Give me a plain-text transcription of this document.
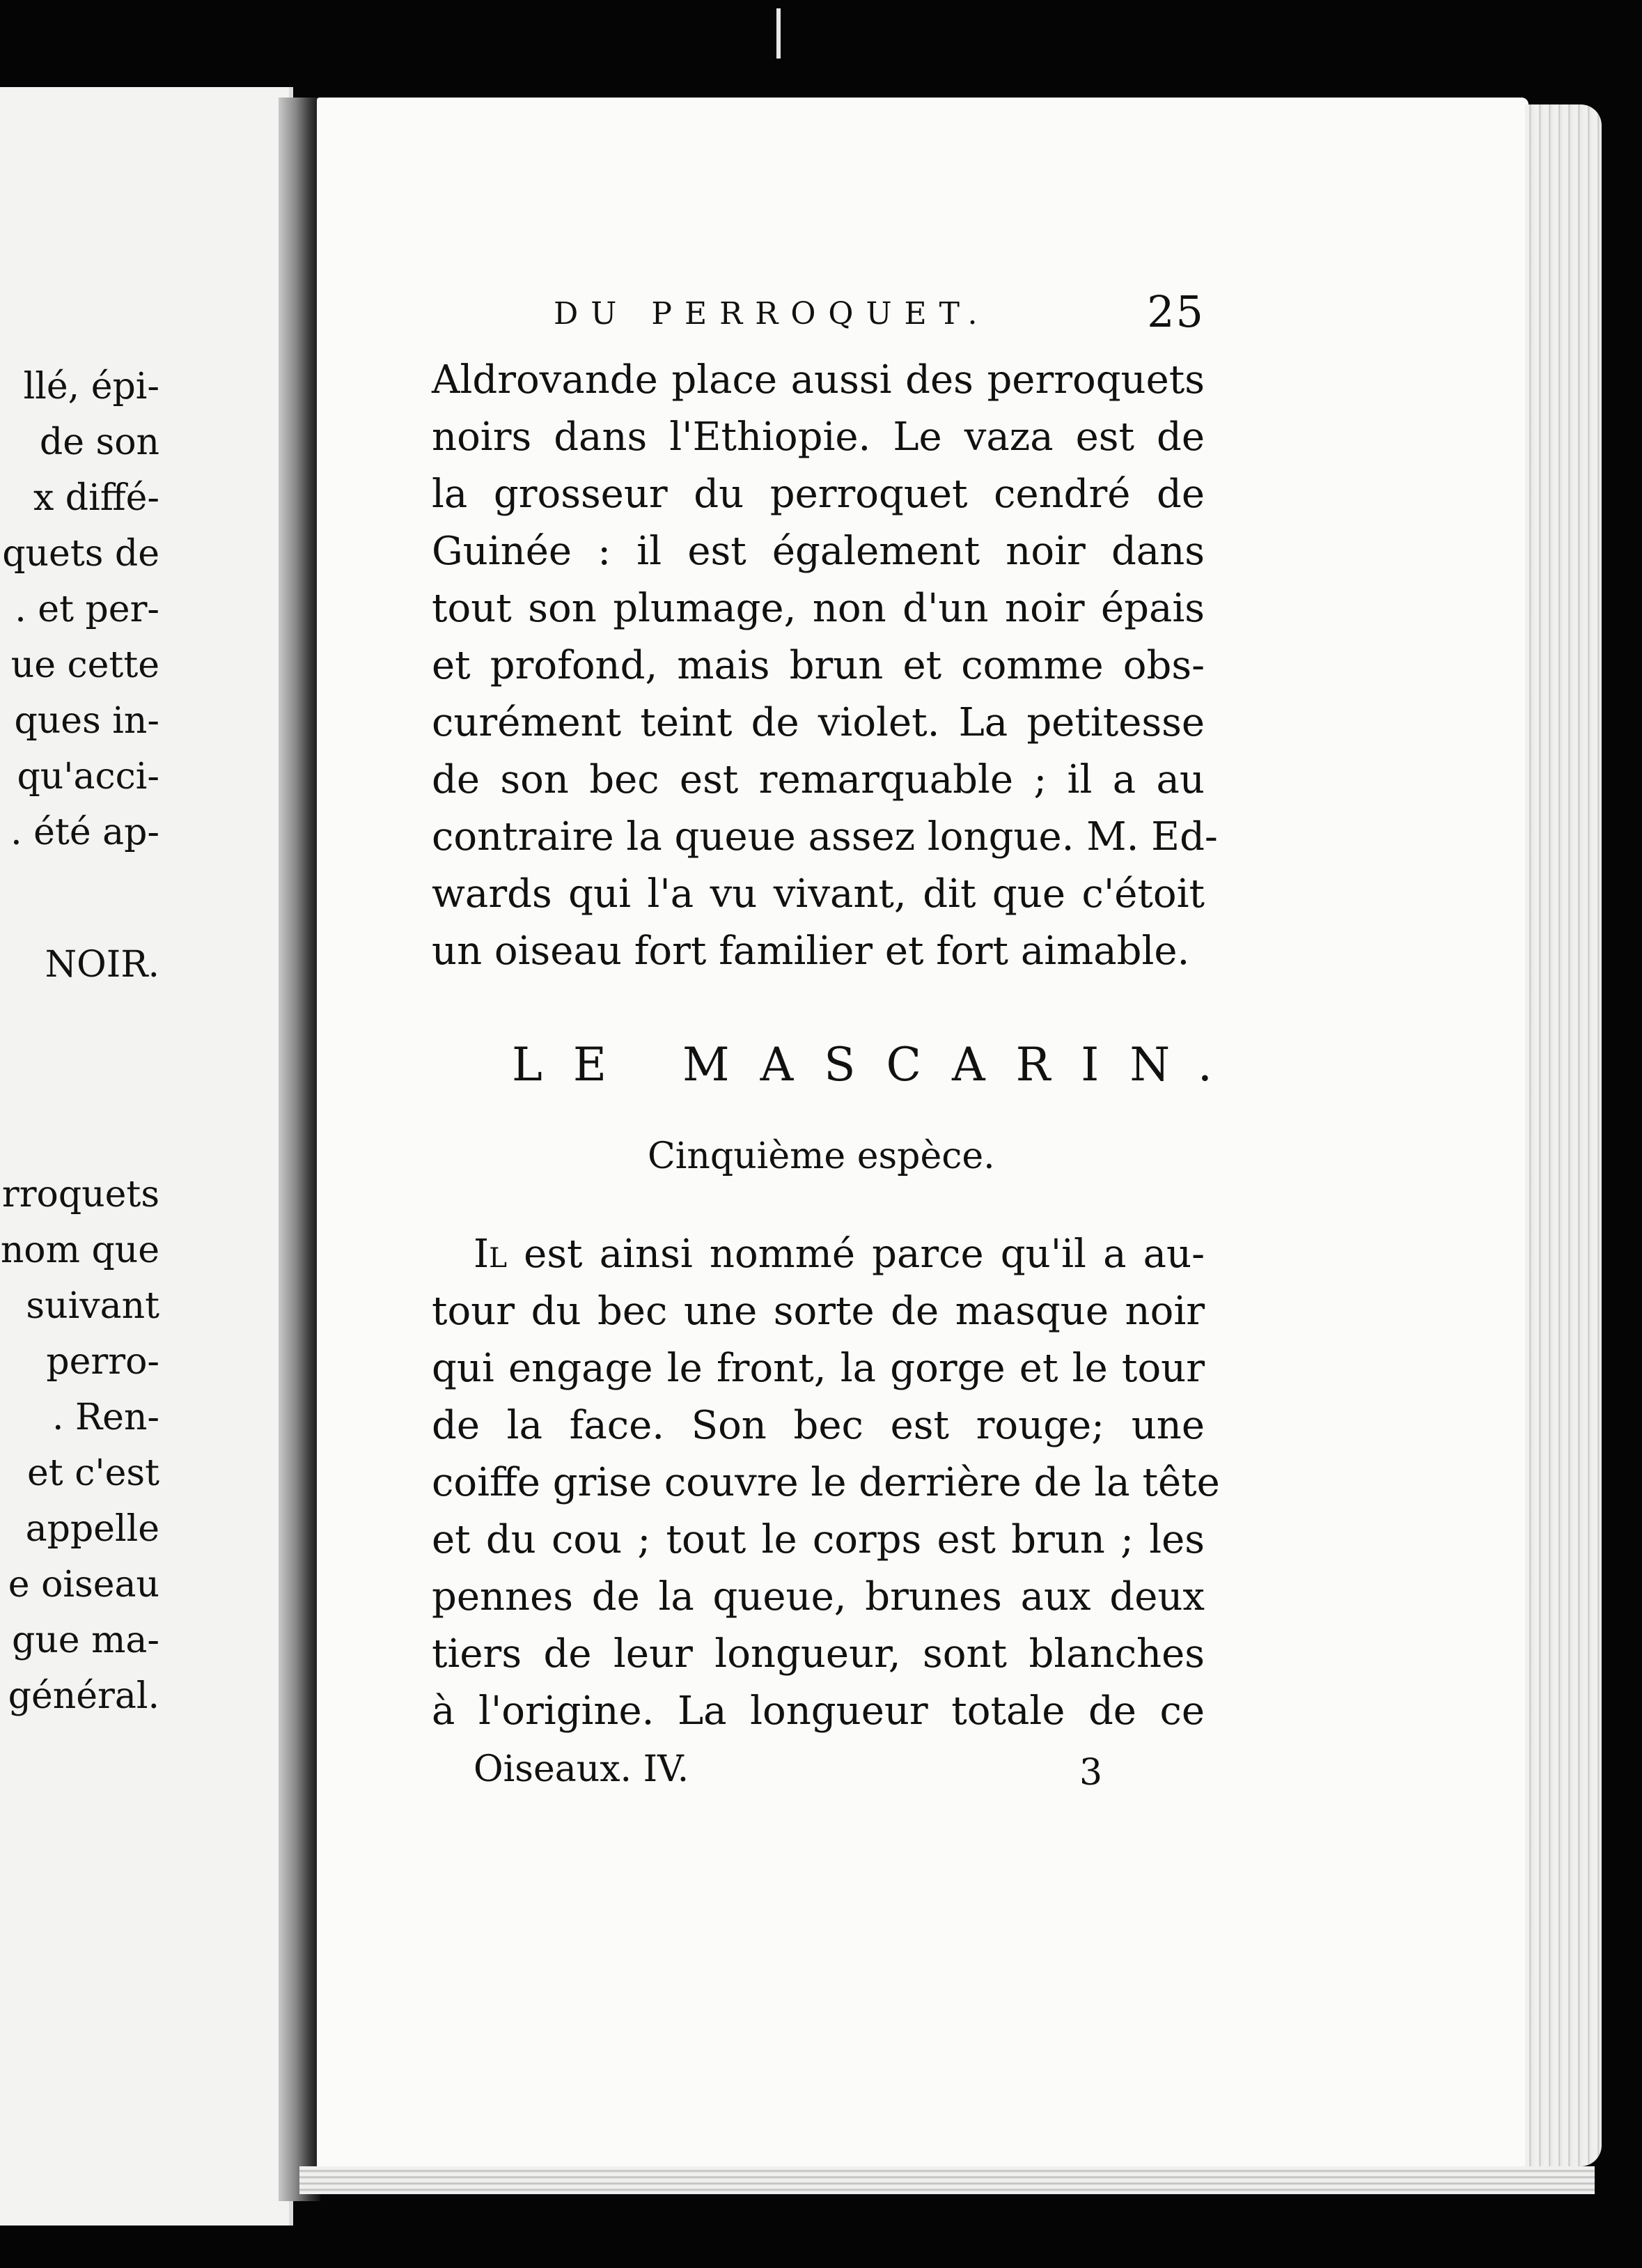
llé, épi-
de son
x diffé-
quets de
. et per-
ue cette
ques in-
qu'acci-
. été ap-
NOIR.
rroquets
nom que
suivant
perro-
. Ren-
et c'est
appelle
e oiseau
gue ma-
général.
DU PERROQUET.	25
Aldrovande place aussi des perroquets
noirs dans l'Ethiopie. Le vaza est de
la grosseur du perroquet cendré de
Guinée : il est également noir dans
tout son plumage, non d'un noir épais
et profond, mais brun et comme obs-
curément teint de violet. La petitesse
de son bec est remarquable ; il a au
contraire la queue assez longue. M. Ed-
wards qui l'a vu vivant, dit que c'étoit
un oiseau fort familier et fort aimable.
LE MASCARIN.
Cinquième espèce.
Il est ainsi nommé parce qu'il a au-
tour du bec une sorte de masque noir
qui engage le front, la gorge et le tour
de la face. Son bec est rouge; une
coiffe grise couvre le derrière de la tête
et du cou ; tout le corps est brun ; les
pennes de la queue, brunes aux deux
tiers de leur longueur, sont blanches
à l'origine. La longueur totale de ce
Oiseaux. IV.	3
